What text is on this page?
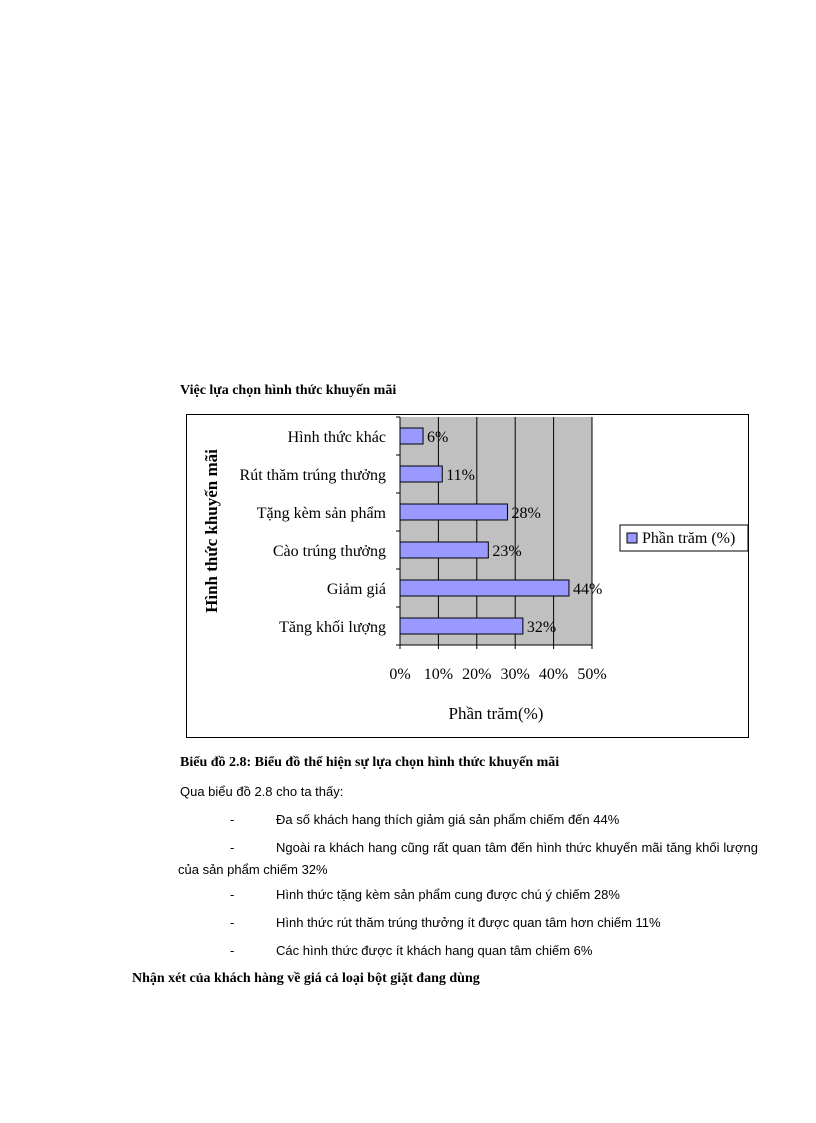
Việc lựa chọn hình thức khuyến mãi
6%
Hình thức khác
11%
Rút thăm trúng thưởng
28%
Tặng kèm sản phẩm
23%
Cào trúng thưởng
44%
Giảm giá
32%
Tăng khối lượng
0% 10% 20% 30% 40% 50%
Phần trăm(%)
Hình thức khuyến mãi	Phần trăm (%)
Biểu đồ 2.8: Biểu đồ thể hiện sự lựa chọn hình thức khuyến mãi
Qua biểu đồ 2.8 cho ta thấy:
-	Đa số khách hang thích giảm giá sản phẩm chiếm đến 44%
-	Ngoài ra khách hang cũng rất quan tâm đến hình thức khuyến mãi tăng khối lượng của sản phẩm chiếm 32%
-	Hình thức tặng kèm sản phẩm cung được chú ý chiếm 28%
-	Hình thức rút thăm trúng thưởng ít được quan tâm hơn chiếm 11%
-	Các hình thức được ít khách hang quan tâm chiếm 6%
Nhận xét của khách hàng về giá cả loại bột giặt đang dùng
